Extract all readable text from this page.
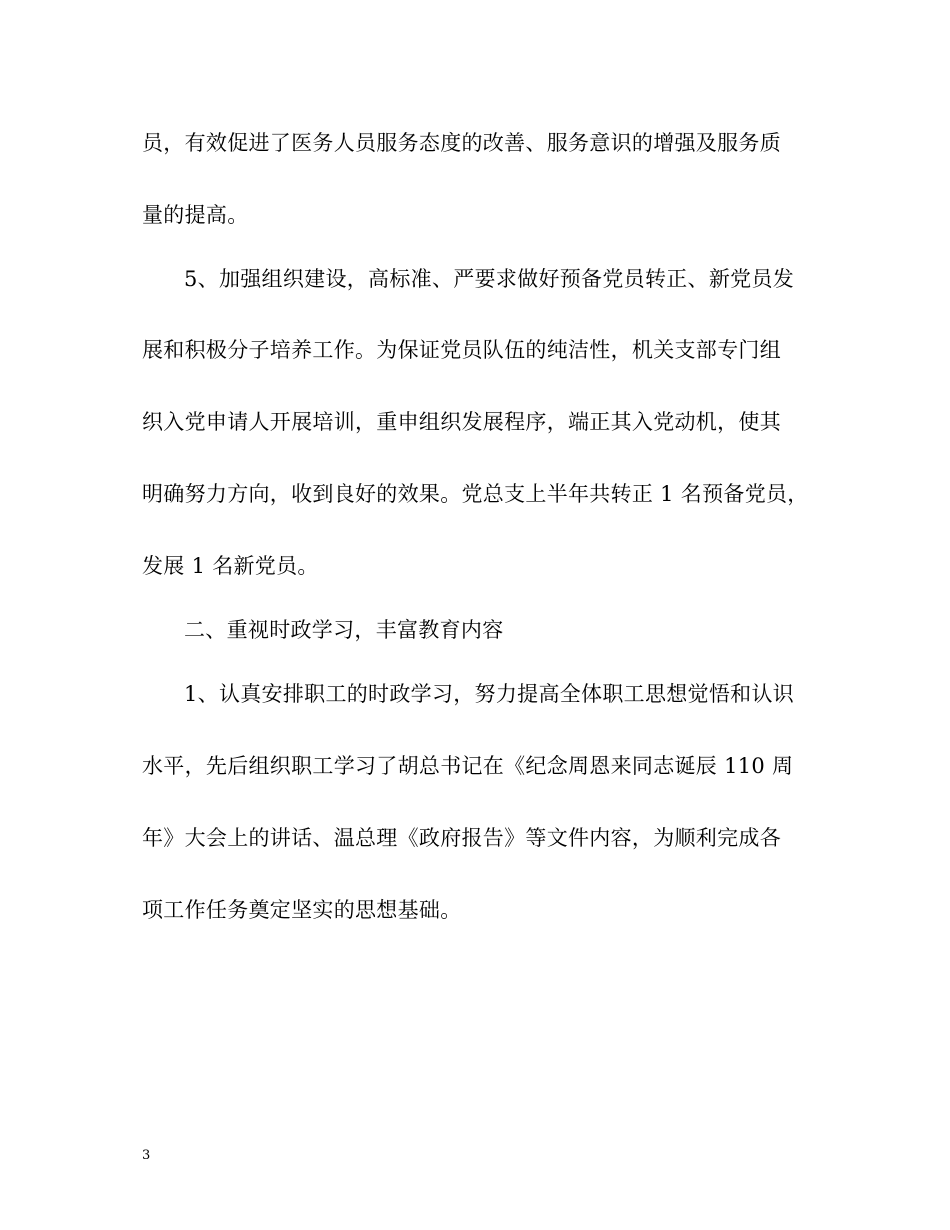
员，有效促进了医务人员服务态度的改善、服务意识的增强及服务质
量的提高。
5、加强组织建设，高标准、严要求做好预备党员转正、新党员发
展和积极分子培养工作。为保证党员队伍的纯洁性，机关支部专门组
织入党申请人开展培训，重申组织发展程序，端正其入党动机，使其
明确努力方向，收到良好的效果。党总支上半年共转正 1 名预备党员，
发展 1 名新党员。
二、重视时政学习，丰富教育内容
1、认真安排职工的时政学习，努力提高全体职工思想觉悟和认识
水平，先后组织职工学习了胡总书记在《纪念周恩来同志诞辰 110 周
年》大会上的讲话、温总理《政府报告》等文件内容，为顺利完成各
项工作任务奠定坚实的思想基础。
3
